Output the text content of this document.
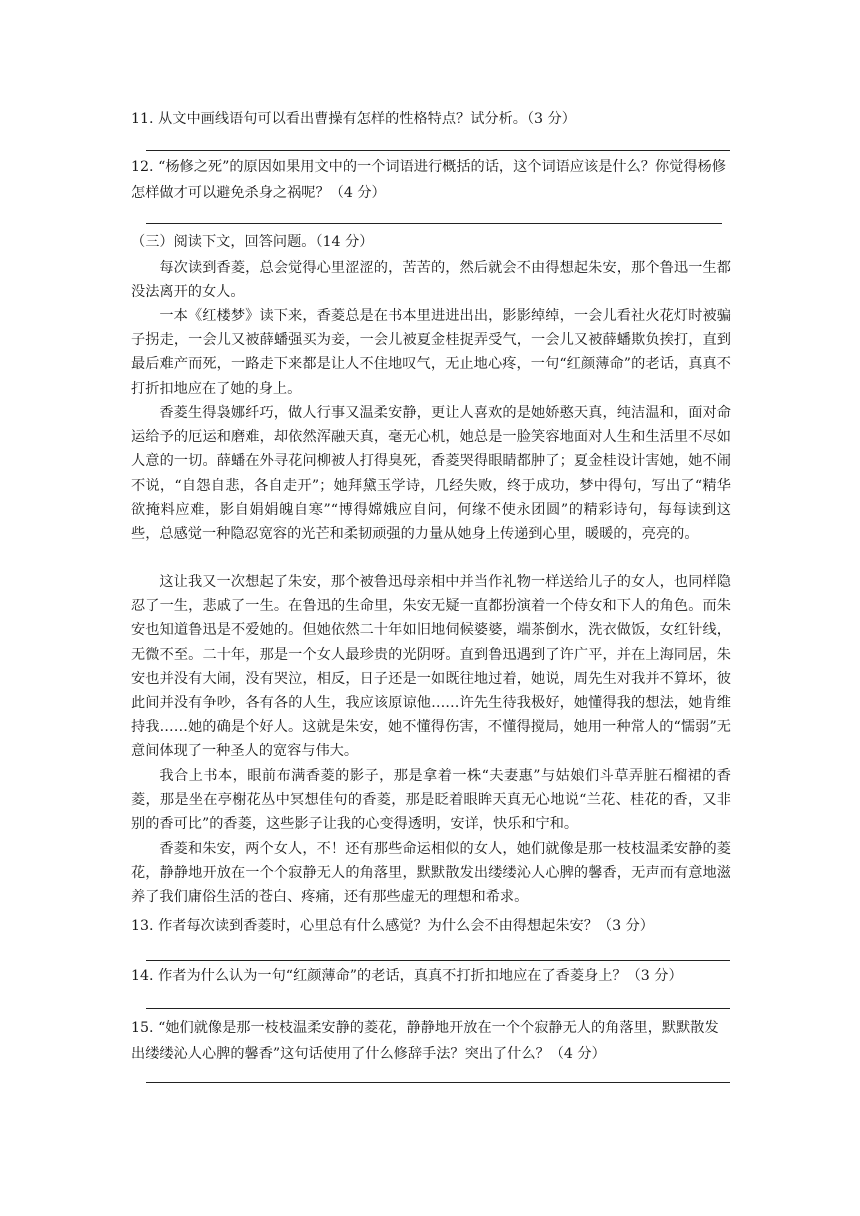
11. 从文中画线语句可以看出曹操有怎样的性格特点？试分析。（3 分）

12. “杨修之死”的原因如果用文中的一个词语进行概括的话，这个词语应该是什么？你觉得杨修怎样做才可以避免杀身之祸呢？（4 分）

（三）阅读下文，回答问题。（14 分）

每次读到香菱，总会觉得心里涩涩的，苦苦的，然后就会不由得想起朱安，那个鲁迅一生都没法离开的女人。

一本《红楼梦》读下来，香菱总是在书本里进进出出，影影绰绰，一会儿看社火花灯时被骗子拐走，一会儿又被薛蟠强买为妾，一会儿被夏金桂捉弄受气，一会儿又被薛蟠欺负挨打，直到最后难产而死，一路走下来都是让人不住地叹气，无止地心疼，一句“红颜薄命”的老话，真真不打折扣地应在了她的身上。

香菱生得袅娜纤巧，做人行事又温柔安静，更让人喜欢的是她娇憨天真，纯洁温和，面对命运给予的厄运和磨难，却依然浑融天真，毫无心机，她总是一脸笑容地面对人生和生活里不尽如人意的一切。薛蟠在外寻花问柳被人打得臭死，香菱哭得眼睛都肿了；夏金桂设计害她，她不闹不说，“自怨自悲，各自走开”；她拜黛玉学诗，几经失败，终于成功，梦中得句，写出了“精华欲掩料应难，影自娟娟魄自寒”“博得嫦娥应自问，何缘不使永团圆”的精彩诗句，每每读到这些，总感觉一种隐忍宽容的光芒和柔韧顽强的力量从她身上传递到心里，暖暖的，亮亮的。

这让我又一次想起了朱安，那个被鲁迅母亲相中并当作礼物一样送给儿子的女人，也同样隐忍了一生，悲戚了一生。在鲁迅的生命里，朱安无疑一直都扮演着一个侍女和下人的角色。而朱安也知道鲁迅是不爱她的。但她依然二十年如旧地伺候婆婆，端茶倒水，洗衣做饭，女红针线，无微不至。二十年，那是一个女人最珍贵的光阴呀。直到鲁迅遇到了许广平，并在上海同居，朱安也并没有大闹，没有哭泣，相反，日子还是一如既往地过着，她说，周先生对我并不算坏，彼此间并没有争吵，各有各的人生，我应该原谅他……许先生待我极好，她懂得我的想法，她肯维持我……她的确是个好人。这就是朱安，她不懂得伤害，不懂得搅局，她用一种常人的“懦弱”无意间体现了一种圣人的宽容与伟大。

我合上书本，眼前布满香菱的影子，那是拿着一株“夫妻惠”与姑娘们斗草弄脏石榴裙的香菱，那是坐在亭榭花丛中冥想佳句的香菱，那是眨着眼眸天真无心地说“兰花、桂花的香，又非别的香可比”的香菱，这些影子让我的心变得透明，安详，快乐和宁和。

香菱和朱安，两个女人，不！还有那些命运相似的女人，她们就像是那一枝枝温柔安静的菱花，静静地开放在一个个寂静无人的角落里，默默散发出缕缕沁人心脾的馨香，无声而有意地滋养了我们庸俗生活的苍白、疼痛，还有那些虚无的理想和希求。

13. 作者每次读到香菱时，心里总有什么感觉？为什么会不由得想起朱安？（3 分）

14. 作者为什么认为一句“红颜薄命”的老话，真真不打折扣地应在了香菱身上？（3 分）

15. “她们就像是那一枝枝温柔安静的菱花，静静地开放在一个个寂静无人的角落里，默默散发出缕缕沁人心脾的馨香”这句话使用了什么修辞手法？突出了什么？（4 分）
